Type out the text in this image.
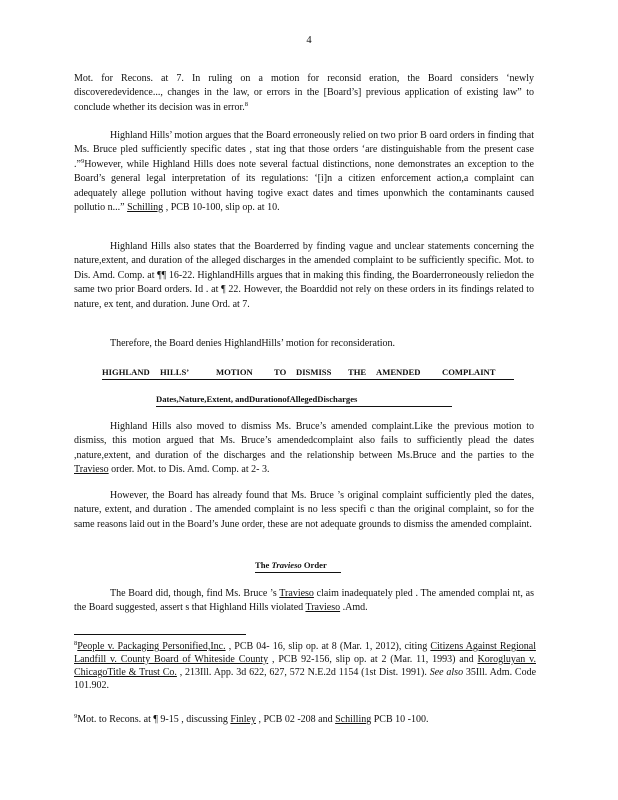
4

Mot. for Recons. at 7. In ruling on a motion for reconsid eration, the Board considers ‘newly discoveredevidence..., changes in the law, or errors in the [Board’s] previous application of existing law” to conclude whether its decision was in error.$^8$

Highland Hills’ motion argues that the Board erroneously relied on two prior B oard orders in finding that Ms. Bruce pled sufficiently specific dates , stat ing that those orders ‘are distinguishable from the present case .”$^9$However, while Highland Hills does note several factual distinctions, none demonstrates an exception to the Board’s general legal interpretation of its regulations: ‘[i]n a citizen enforcement action,a complaint can adequately allege pollution without having togive exact dates and times uponwhich the contaminants caused pollutio n...” Schilling , PCB 10-100, slip op. at 10.

Highland Hills also states that the Boarderred by finding vague and unclear statements concerning the nature,extent, and duration of the alleged discharges in the amended complaint to be sufficiently specific. Mot. to Dis. Amd. Comp. at ¶¶ 16-22. HighlandHills argues that in making this finding, the Boarderroneously reliedon the same two prior Board orders. Id . at ¶ 22. However, the Boarddid not rely on these orders in its findings related to nature, ex tent, and duration. June Ord. at 7.

Therefore, the Board denies HighlandHills’ motion for reconsideration.

HIGHLAND HILLS’	MOTION TO DISMISS THE AMENDED	COMPLAINT
Dates,Nature,Extent, andDurationofAllegedDischarges

Highland Hills also moved to dismiss Ms. Bruce’s amended complaint.Like the previous motion to dismiss, this motion argued that Ms. Bruce’s amendedcomplaint also fails to sufficiently plead the dates ,nature,extent, and duration of the discharges and the relationship between Ms.Bruce and the parties to the Travieso order. Mot. to Dis. Amd. Comp. at 2- 3.

However, the Board has already found that Ms. Bruce ’s original complaint sufficiently pled the dates, nature, extent, and duration . The amended complaint is no less specifi c than the original complaint, so for the same reasons laid out in the Board’s June order, these are not adequate grounds to dismiss the amended complaint.

The Travieso Order

The Board did, though, find Ms. Bruce ’s Travieso claim inadequately pled . The amended complai nt, as the Board suggested, assert s that Highland Hills violated Travieso .Amd.

$^8$People v. Packaging Personified,Inc. , PCB 04- 16, slip op. at 8 (Mar. 1, 2012), citing Citizens Against Regional Landfill v. County Board of Whiteside County , PCB 92-156, slip op. at 2 (Mar. 11, 1993) and Korogluyan v. ChicagoTitle & Trust Co. , 213Ill. App. 3d 622, 627, 572 N.E.2d 1154 (1st Dist. 1991). See also 35Ill. Adm. Code 101.902.

$^9$Mot. to Recons. at ¶ 9-15 , discussing Finley , PCB 02 -208 and Schilling PCB 10 -100.
